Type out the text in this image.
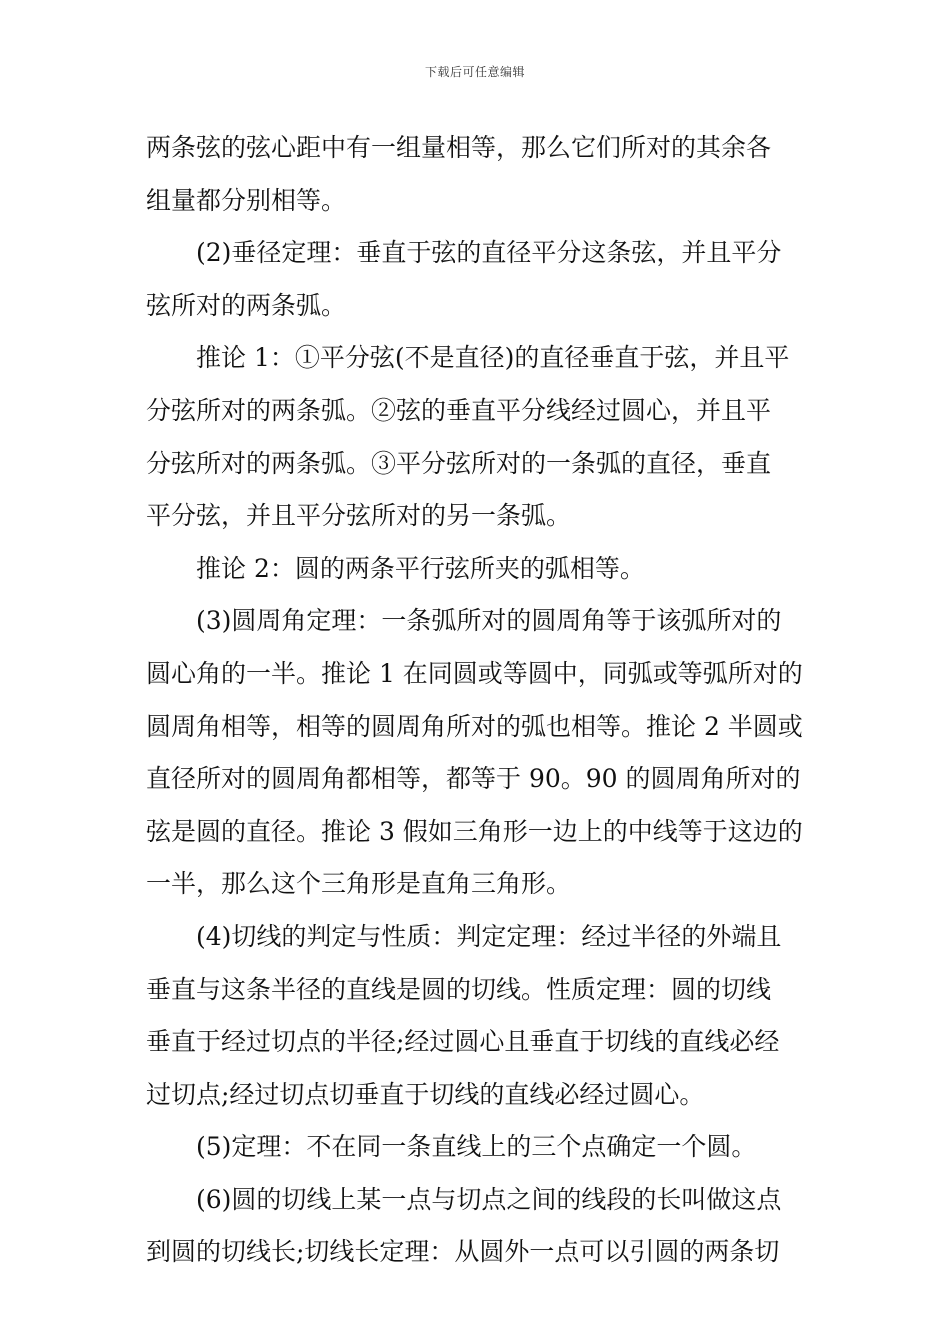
下载后可任意编辑
两条弦的弦心距中有一组量相等，那么它们所对的其余各
组量都分别相等。
(2)垂径定理：垂直于弦的直径平分这条弦，并且平分
弦所对的两条弧。
推论 1：①平分弦(不是直径)的直径垂直于弦，并且平
分弦所对的两条弧。②弦的垂直平分线经过圆心，并且平
分弦所对的两条弧。③平分弦所对的一条弧的直径，垂直
平分弦，并且平分弦所对的另一条弧。
推论 2：圆的两条平行弦所夹的弧相等。
(3)圆周角定理：一条弧所对的圆周角等于该弧所对的
圆心角的一半。推论 1 在同圆或等圆中，同弧或等弧所对的
圆周角相等，相等的圆周角所对的弧也相等。推论 2 半圆或
直径所对的圆周角都相等，都等于 90。90 的圆周角所对的
弦是圆的直径。推论 3 假如三角形一边上的中线等于这边的
一半，那么这个三角形是直角三角形。
(4)切线的判定与性质：判定定理：经过半径的外端且
垂直与这条半径的直线是圆的切线。性质定理：圆的切线
垂直于经过切点的半径;经过圆心且垂直于切线的直线必经
过切点;经过切点切垂直于切线的直线必经过圆心。
(5)定理：不在同一条直线上的三个点确定一个圆。
(6)圆的切线上某一点与切点之间的线段的长叫做这点
到圆的切线长;切线长定理：从圆外一点可以引圆的两条切
